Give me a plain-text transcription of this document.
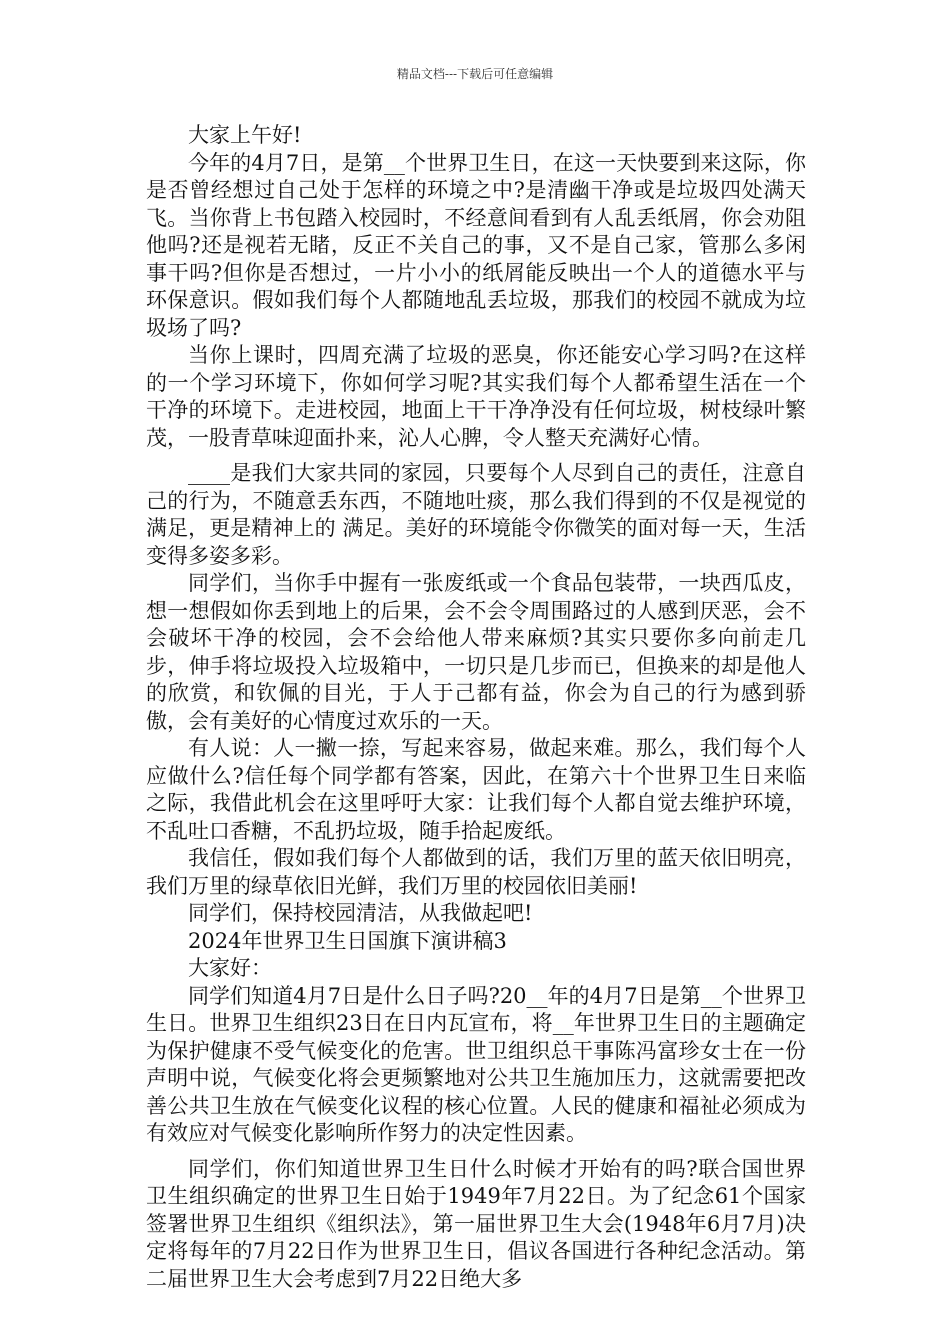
精品文档---下载后可任意编辑

大家上午好!

今年的4月7日，是第__个世界卫生日，在这一天快要到来这际，你是否曾经想过自己处于怎样的环境之中?是清幽干净或是垃圾四处满天飞。当你背上书包踏入校园时，不经意间看到有人乱丢纸屑，你会劝阻他吗?还是视若无睹，反正不关自己的事，又不是自己家，管那么多闲事干吗?但你是否想过，一片小小的纸屑能反映出一个人的道德水平与环保意识。假如我们每个人都随地乱丢垃圾，那我们的校园不就成为垃圾场了吗?

当你上课时，四周充满了垃圾的恶臭，你还能安心学习吗?在这样的一个学习环境下，你如何学习呢?其实我们每个人都希望生活在一个干净的环境下。走进校园，地面上干干净净没有任何垃圾，树枝绿叶繁茂，一股青草味迎面扑来，沁人心脾，令人整天充满好心情。

____是我们大家共同的家园，只要每个人尽到自己的责任，注意自己的行为，不随意丢东西，不随地吐痰，那么我们得到的不仅是视觉的满足，更是精神上的 满足。美好的环境能令你微笑的面对每一天，生活变得多姿多彩。

同学们，当你手中握有一张废纸或一个食品包装带，一块西瓜皮，想一想假如你丢到地上的后果，会不会令周围路过的人感到厌恶，会不会破坏干净的校园，会不会给他人带来麻烦?其实只要你多向前走几步，伸手将垃圾投入垃圾箱中，一切只是几步而已，但换来的却是他人的欣赏，和钦佩的目光，于人于己都有益，你会为自己的行为感到骄傲，会有美好的心情度过欢乐的一天。

有人说：人一撇一捺，写起来容易，做起来难。那么，我们每个人应做什么?信任每个同学都有答案，因此，在第六十个世界卫生日来临之际，我借此机会在这里呼吁大家：让我们每个人都自觉去维护环境，不乱吐口香糖，不乱扔垃圾，随手拾起废纸。

我信任，假如我们每个人都做到的话，我们万里的蓝天依旧明亮，我们万里的绿草依旧光鲜，我们万里的校园依旧美丽!

同学们，保持校园清洁，从我做起吧!

2024年世界卫生日国旗下演讲稿3

大家好：

同学们知道4月7日是什么日子吗?20__年的4月7日是第__个世界卫生日。世界卫生组织23日在日内瓦宣布，将__年世界卫生日的主题确定为保护健康不受气候变化的危害。世卫组织总干事陈冯富珍女士在一份声明中说，气候变化将会更频繁地对公共卫生施加压力，这就需要把改善公共卫生放在气候变化议程的核心位置。人民的健康和福祉必须成为有效应对气候变化影响所作努力的决定性因素。

同学们，你们知道世界卫生日什么时候才开始有的吗?联合国世界卫生组织确定的世界卫生日始于1949年7月22日。为了纪念61个国家签署世界卫生组织《组织法》，第一届世界卫生大会(1948年6月7月)决定将每年的7月22日作为世界卫生日，倡议各国进行各种纪念活动。第二届世界卫生大会考虑到7月22日绝大多
